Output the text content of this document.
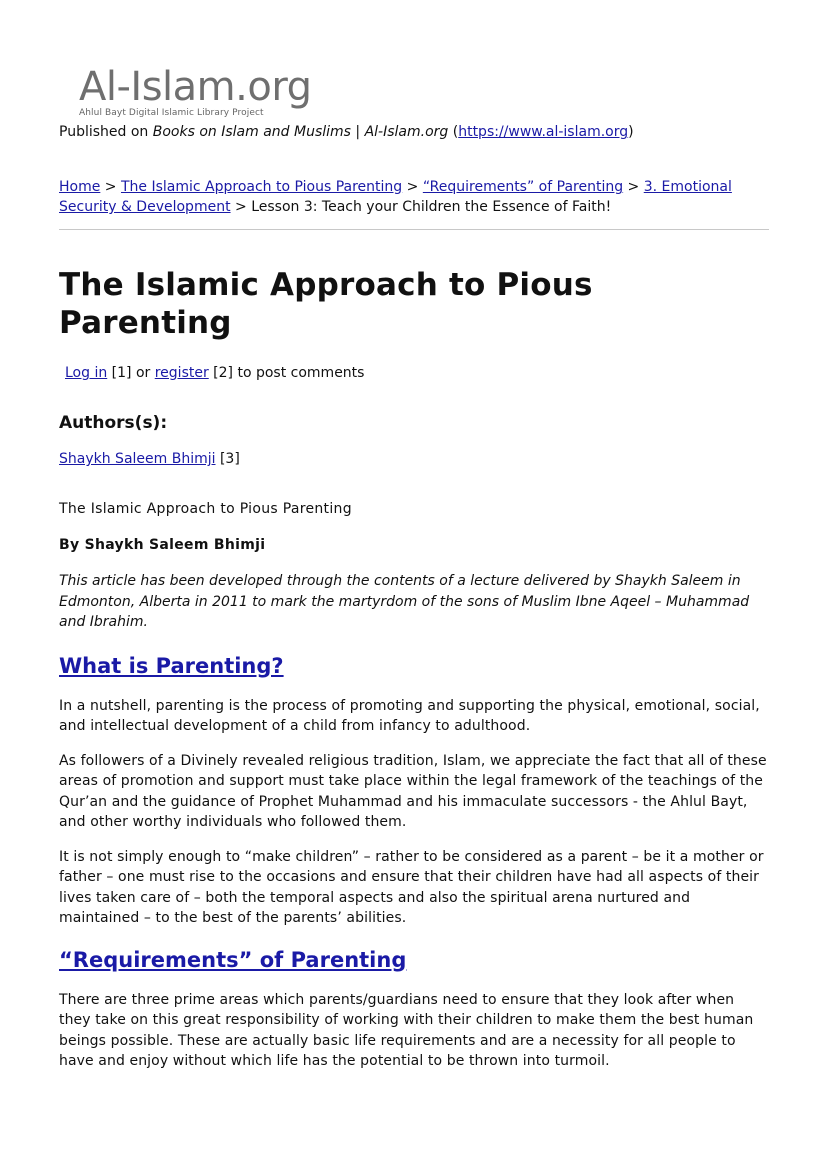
Al-Islam.org
Ahlul Bayt Digital Islamic Library Project
Published on Books on Islam and Muslims | Al-Islam.org (https://www.al-islam.org)
Home > The Islamic Approach to Pious Parenting > “Requirements” of Parenting > 3. Emotional Security & Development > Lesson 3: Teach your Children the Essence of Faith!
The Islamic Approach to Pious Parenting
Log in [1] or register [2] to post comments
Authors(s):
Shaykh Saleem Bhimji [3]
The Islamic Approach to Pious Parenting
By Shaykh Saleem Bhimji
This article has been developed through the contents of a lecture delivered by Shaykh Saleem in Edmonton, Alberta in 2011 to mark the martyrdom of the sons of Muslim Ibne Aqeel – Muhammad and Ibrahim.
What is Parenting?
In a nutshell, parenting is the process of promoting and supporting the physical, emotional, social, and intellectual development of a child from infancy to adulthood.
As followers of a Divinely revealed religious tradition, Islam, we appreciate the fact that all of these areas of promotion and support must take place within the legal framework of the teachings of the Qur’an and the guidance of Prophet Muhammad and his immaculate successors - the Ahlul Bayt, and other worthy individuals who followed them.
It is not simply enough to “make children” – rather to be considered as a parent – be it a mother or father – one must rise to the occasions and ensure that their children have had all aspects of their lives taken care of – both the temporal aspects and also the spiritual arena nurtured and maintained – to the best of the parents’ abilities.
“Requirements” of Parenting
There are three prime areas which parents/guardians need to ensure that they look after when they take on this great responsibility of working with their children to make them the best human beings possible. These are actually basic life requirements and are a necessity for all people to have and enjoy without which life has the potential to be thrown into turmoil.
